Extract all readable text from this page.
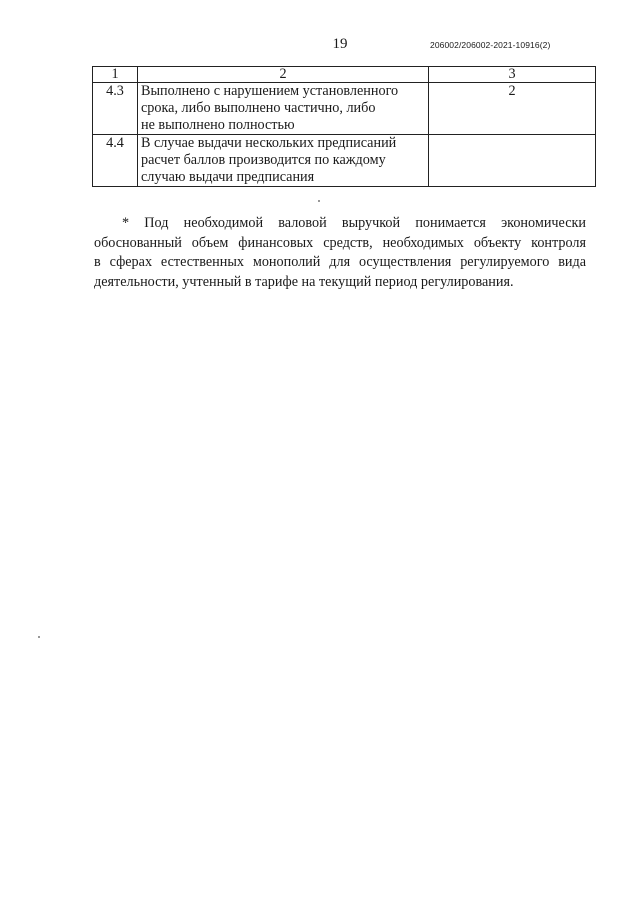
19	206002/206002-2021-10916(2)
1	2	3
4.3	Выполнено с нарушением установленного
срока, либо выполнено частично, либо
не выполнено полностью	2
4.4	В случае выдачи нескольких предписаний
расчет баллов производится по каждому
случаю выдачи предписания	

* Под необходимой валовой выручкой понимается экономически
обоснованный объем финансовых средств, необходимых объекту контроля
в сферах естественных монополий для осуществления регулируемого вида
деятельности, учтенный в тарифе на текущий период регулирования.
